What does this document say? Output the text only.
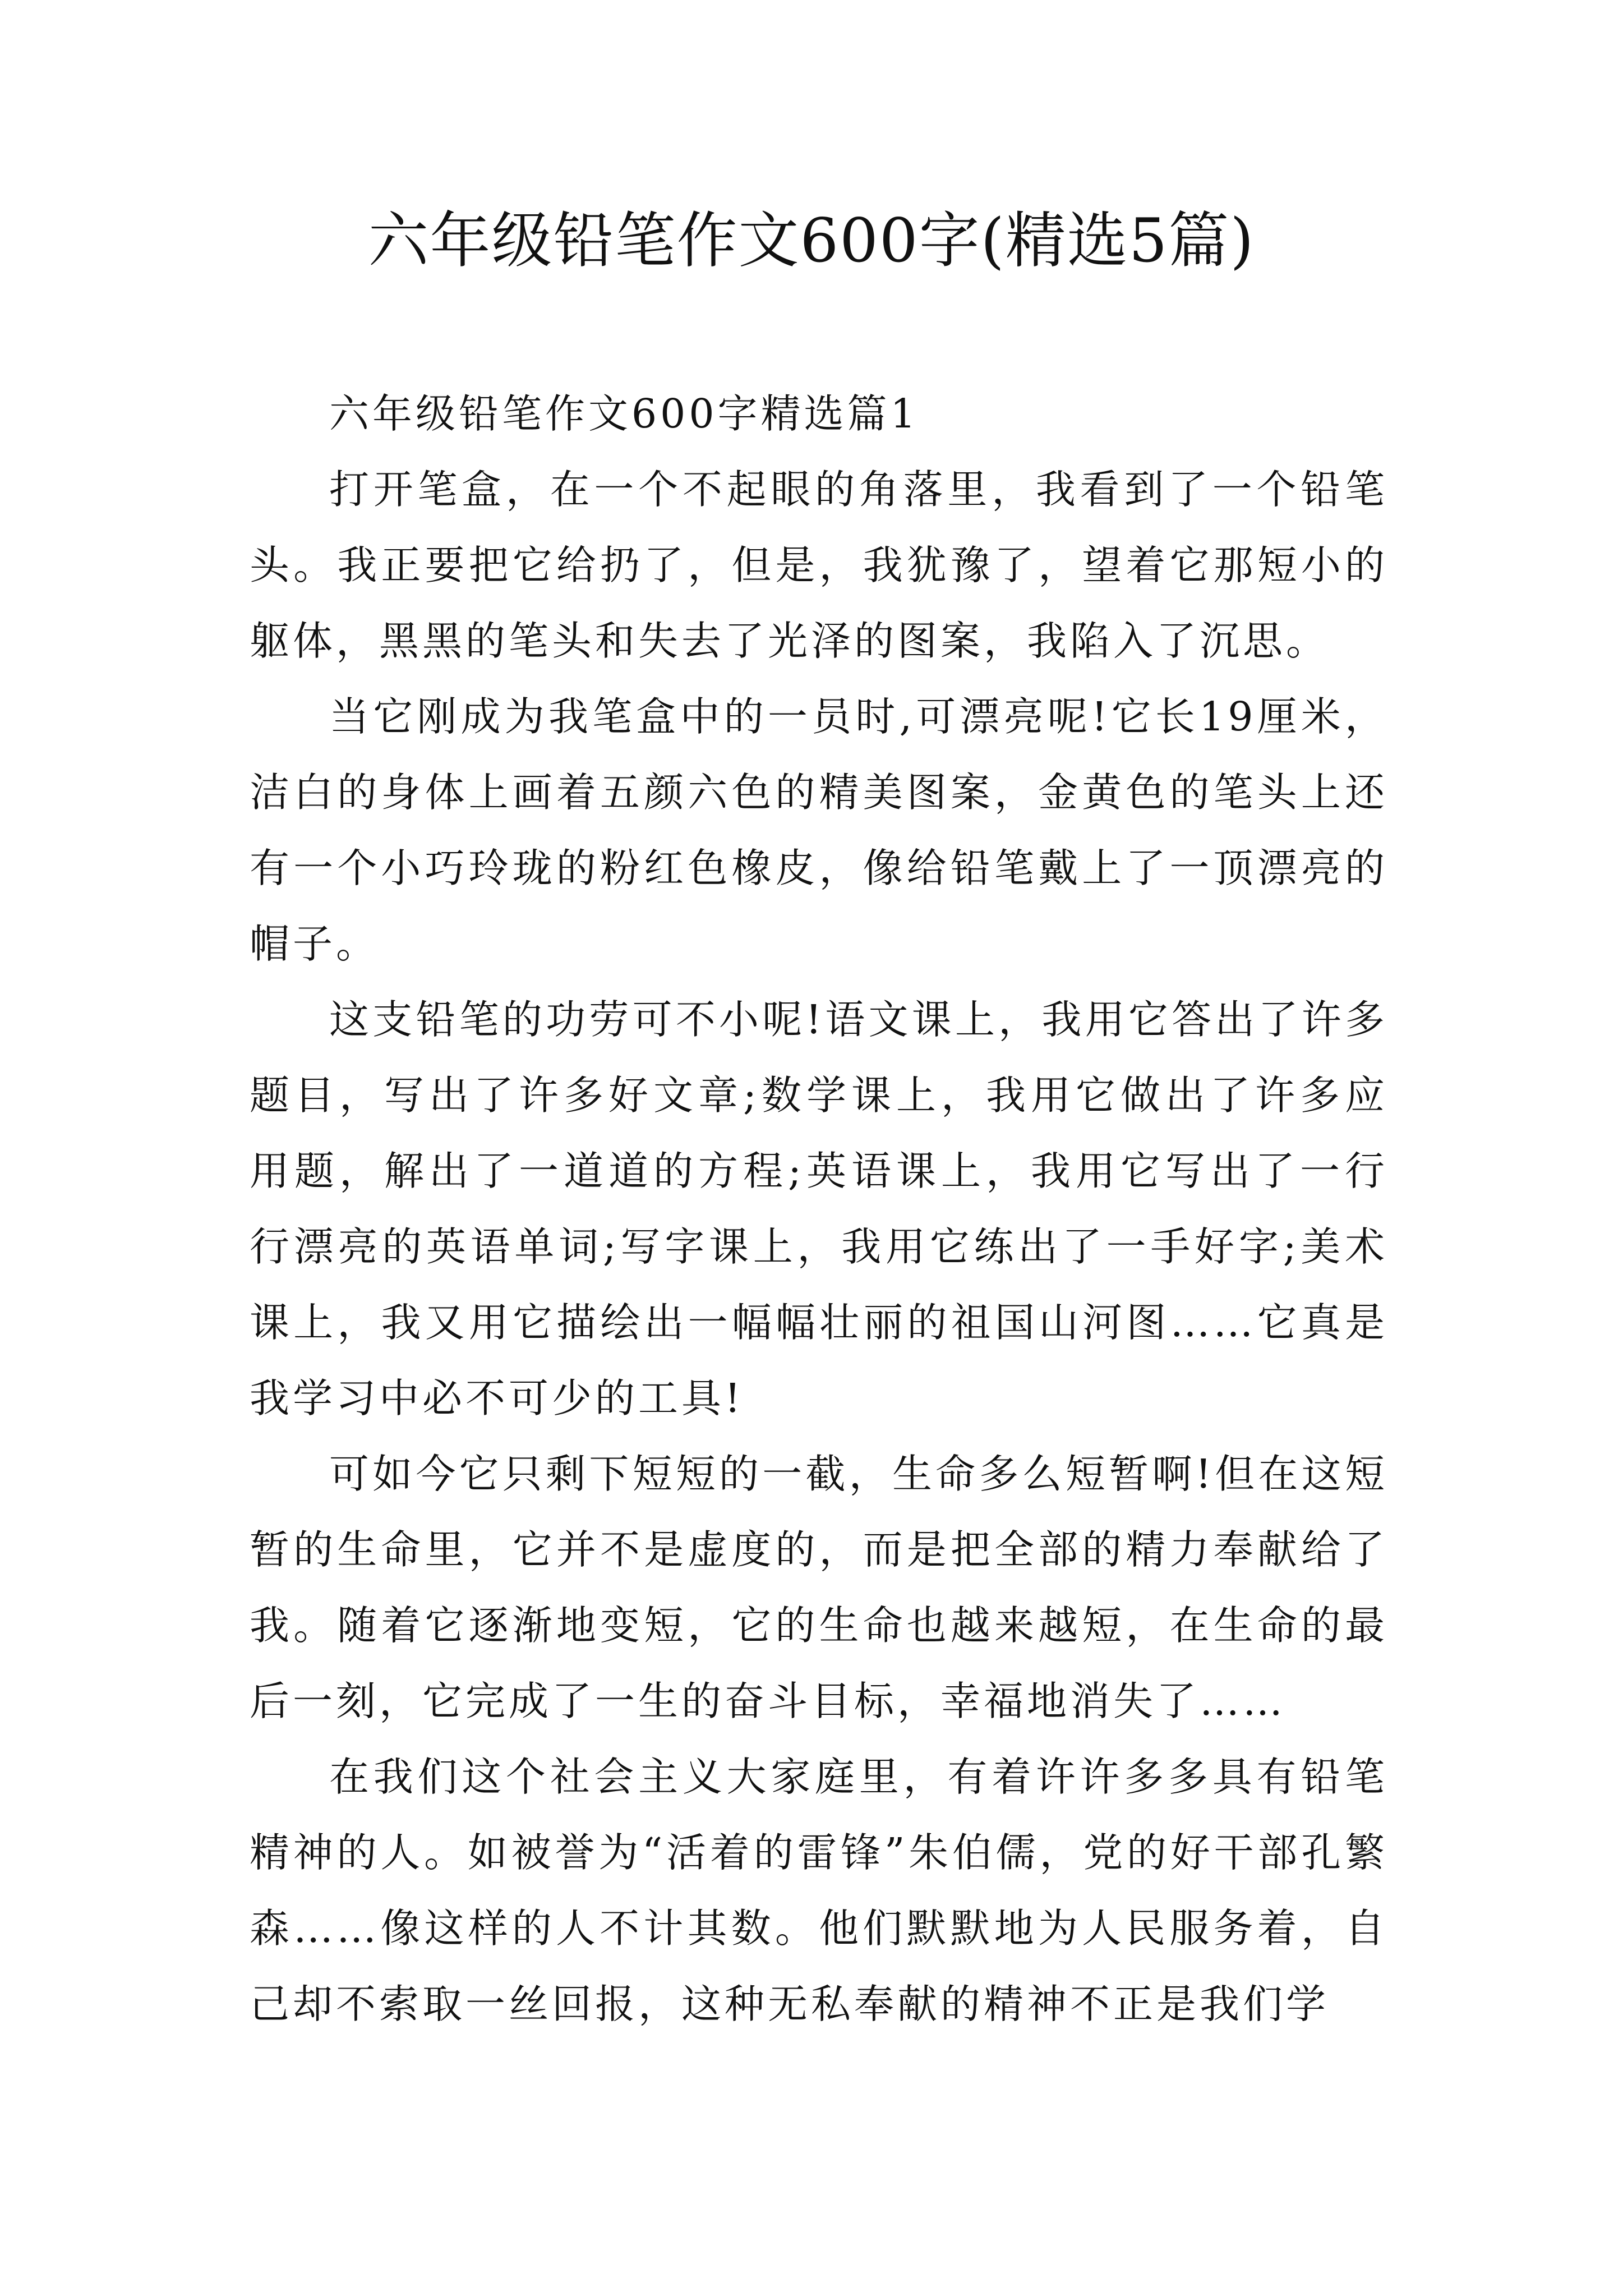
六年级铅笔作文600字(精选5篇)

六年级铅笔作文600字精选篇1

打开笔盒，在一个不起眼的角落里，我看到了一个铅笔头。我正要把它给扔了，但是，我犹豫了，望着它那短小的躯体，黑黑的笔头和失去了光泽的图案，我陷入了沉思。

当它刚成为我笔盒中的一员时,可漂亮呢!它长19厘米，洁白的身体上画着五颜六色的精美图案，金黄色的笔头上还有一个小巧玲珑的粉红色橡皮，像给铅笔戴上了一顶漂亮的帽子。

这支铅笔的功劳可不小呢!语文课上，我用它答出了许多题目，写出了许多好文章;数学课上，我用它做出了许多应用题，解出了一道道的方程;英语课上，我用它写出了一行行漂亮的英语单词;写字课上，我用它练出了一手好字;美术课上，我又用它描绘出一幅幅壮丽的祖国山河图……它真是我学习中必不可少的工具!

可如今它只剩下短短的一截，生命多么短暂啊!但在这短暂的生命里，它并不是虚度的，而是把全部的精力奉献给了我。随着它逐渐地变短，它的生命也越来越短，在生命的最后一刻，它完成了一生的奋斗目标，幸福地消失了……

在我们这个社会主义大家庭里，有着许许多多具有铅笔精神的人。如被誉为“活着的雷锋”朱伯儒，党的好干部孔繁森……像这样的人不计其数。他们默默地为人民服务着，自己却不索取一丝回报，这种无私奉献的精神不正是我们学
